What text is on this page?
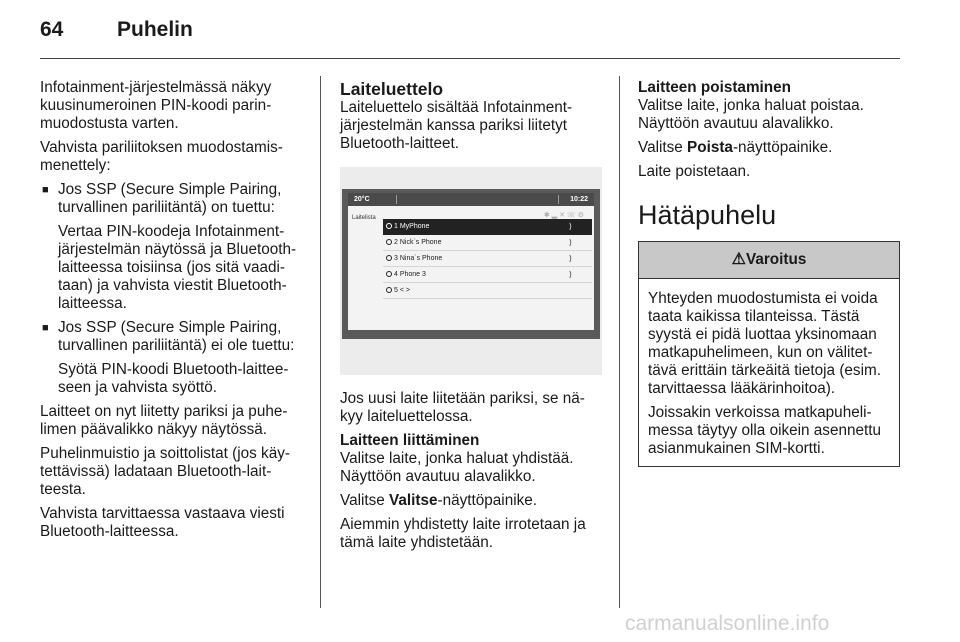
64	Puhelin

Infotainment-järjestelmässä näkyy kuusinumeroinen PIN-koodi parinmuodostusta varten.

Vahvista pariliitoksen muodostamismenettely:

■ Jos SSP (Secure Simple Pairing, turvallinen pariliitäntä) on tuettu:

Vertaa PIN-koodeja Infotainment-järjestelmän näytössä ja Bluetooth-laitteessa toisiinsa (jos sitä vaaditaan) ja vahvista viestit Bluetooth-laitteessa.

■ Jos SSP (Secure Simple Pairing, turvallinen pariliitäntä) ei ole tuettu:

Syötä PIN-koodi Bluetooth-laitteeseen ja vahvista syöttö.

Laitteet on nyt liitetty pariksi ja puhelimen päävalikko näkyy näytössä.

Puhelinmuistio ja soittolistat (jos käytettävissä) ladataan Bluetooth-laitteesta.

Vahvista tarvittaessa vastaava viesti Bluetooth-laitteessa.

Laiteluettelo

Laiteluettelo sisältää Infotainment-järjestelmän kanssa pariksi liitetyt Bluetooth-laitteet.

20°C	10:22
Laitelista	✱▂✕☏⚙
1 MyPhone	⟩
2 Nick`s Phone	⟩
3 Nina`s Phone	⟩
4 Phone 3	⟩
5 < >

Jos uusi laite liitetään pariksi, se näkyy laiteluettelossa.

Laitteen liittäminen

Valitse laite, jonka haluat yhdistää. Näyttöön avautuu alavalikko.

Valitse Valitse-näyttöpainike.

Aiemmin yhdistetty laite irrotetaan ja tämä laite yhdistetään.

Laitteen poistaminen

Valitse laite, jonka haluat poistaa. Näyttöön avautuu alavalikko.

Valitse Poista-näyttöpainike.

Laite poistetaan.

Hätäpuhelu
⚠Varoitus

Yhteyden muodostumista ei voida taata kaikissa tilanteissa. Tästä syystä ei pidä luottaa yksinomaan matkapuhelimeen, kun on välitettävä erittäin tärkeäitä tietoja (esim. tarvittaessa lääkärinhoitoa).

Joissakin verkoissa matkapuhelimessa täytyy olla oikein asennettu asianmukainen SIM-kortti.

carmanualsonline.info
